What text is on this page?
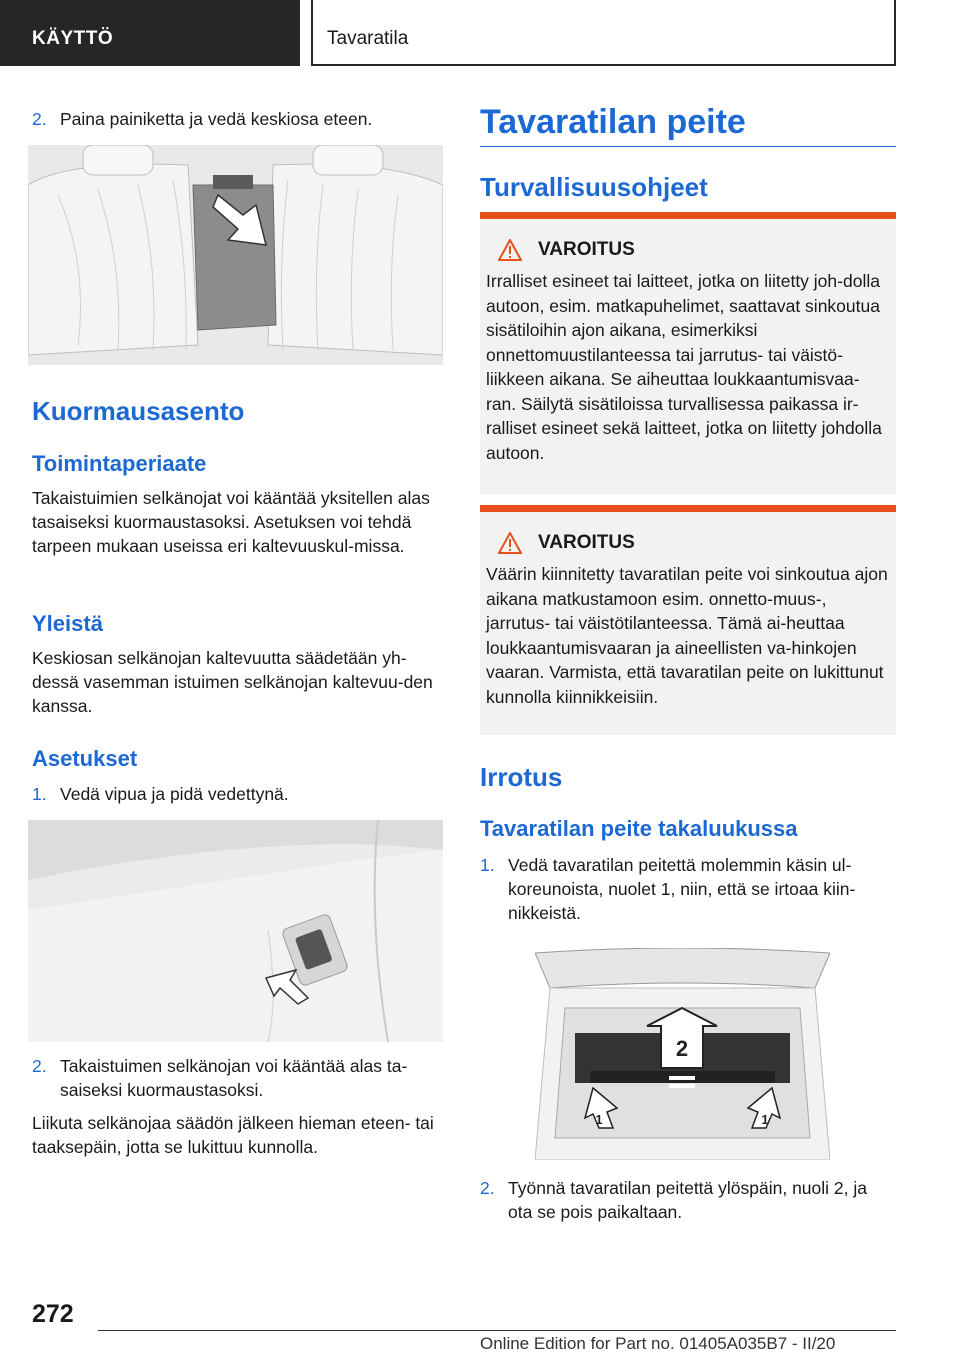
KÄYTTÖ	Tavaratila
2. Paina painiketta ja vedä keskiosa eteen.
Kuormausasento
Toimintaperiaate
Takaistuimien selkänojat voi kääntää yksitellen alas tasaiseksi kuormaustasoksi. Asetuksen voi tehdä tarpeen mukaan useissa eri kaltevuuskul-missa.
Yleistä
Keskiosan selkänojan kaltevuutta säädetään yh-dessä vasemman istuimen selkänojan kaltevuu-den kanssa.
Asetukset
1. Vedä vipua ja pidä vedettynä.
2. Takaistuimen selkänojan voi kääntää alas ta-saiseksi kuormaustasoksi.
Liikuta selkänojaa säädön jälkeen hieman eteen- tai taaksepäin, jotta se lukittuu kunnolla.
Tavaratilan peite
Turvallisuusohjeet
VAROITUS
Irralliset esineet tai laitteet, jotka on liitetty joh-dolla autoon, esim. matkapuhelimet, saattavat sinkoutua sisätiloihin ajon aikana, esimerkiksi onnettomuustilanteessa tai jarrutus- tai väistö-liikkeen aikana. Se aiheuttaa loukkaantumisvaa-ran. Säilytä sisätiloissa turvallisessa paikassa ir-ralliset esineet sekä laitteet, jotka on liitetty johdolla autoon.
VAROITUS
Väärin kiinnitetty tavaratilan peite voi sinkoutua ajon aikana matkustamoon esim. onnetto-muus-, jarrutus- tai väistötilanteessa. Tämä ai-heuttaa loukkaantumisvaaran ja aineellisten va-hinkojen vaaran. Varmista, että tavaratilan peite on lukittunut kunnolla kiinnikkeisiin.
Irrotus
Tavaratilan peite takaluukussa
1. Vedä tavaratilan peitettä molemmin käsin ul-koreunoista, nuolet 1, niin, että se irtoaa kiin-nikkeistä.
2
1	1
2. Työnnä tavaratilan peitettä ylöspäin, nuoli 2, ja ota se pois paikaltaan.
272
Online Edition for Part no. 01405A035B7 - II/20
